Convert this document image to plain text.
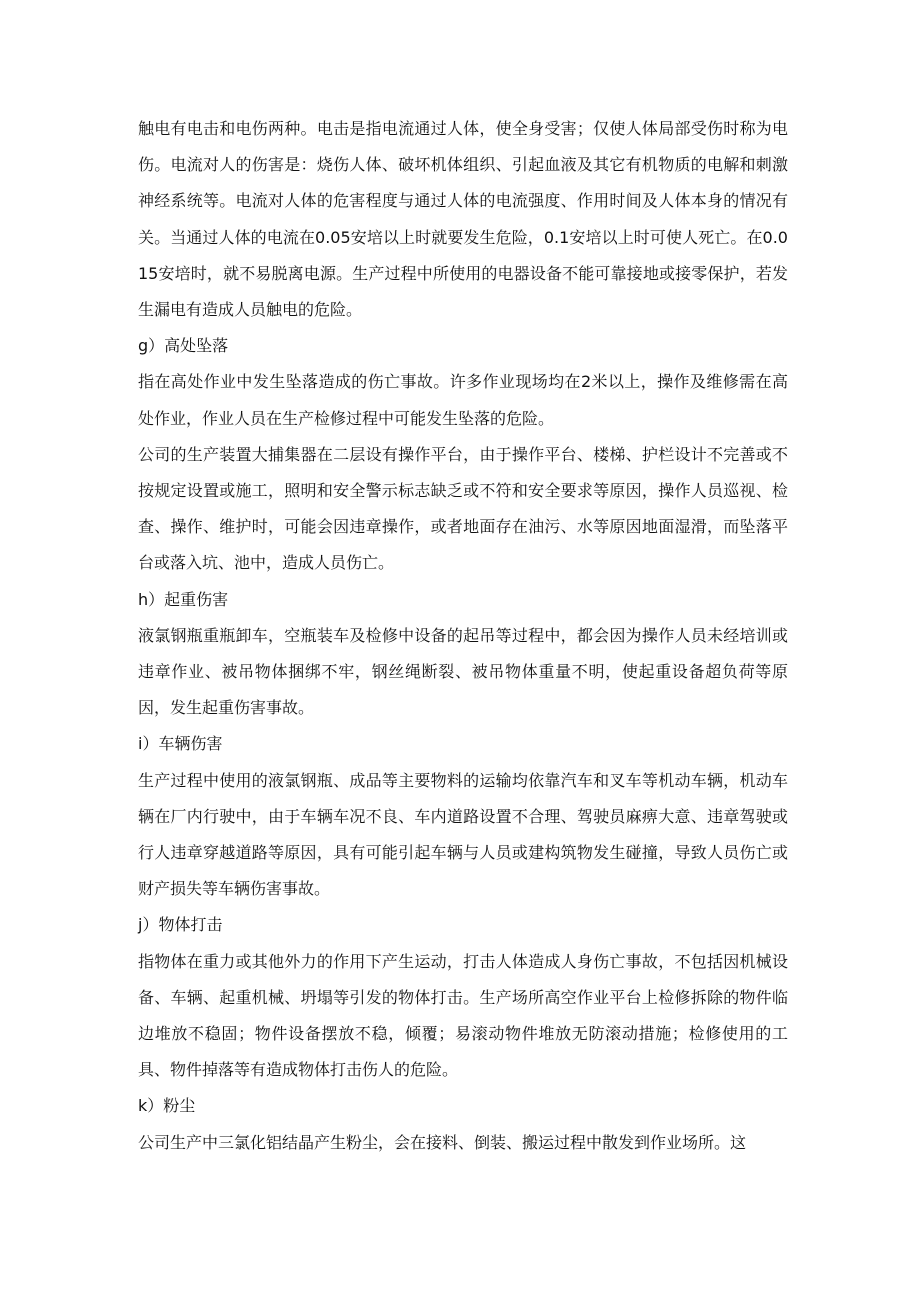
触电有电击和电伤两种。电击是指电流通过人体，使全身受害；仅使人体局部受伤时称为电伤。电流对人的伤害是：烧伤人体、破坏机体组织、引起血液及其它有机物质的电解和刺激神经系统等。电流对人体的危害程度与通过人体的电流强度、作用时间及人体本身的情况有关。当通过人体的电流在0.05安培以上时就要发生危险，0.1安培以上时可使人死亡。在0.015安培时，就不易脱离电源。生产过程中所使用的电器设备不能可靠接地或接零保护，若发生漏电有造成人员触电的危险。

g）高处坠落

指在高处作业中发生坠落造成的伤亡事故。许多作业现场均在2米以上，操作及维修需在高处作业，作业人员在生产检修过程中可能发生坠落的危险。

公司的生产装置大捕集器在二层设有操作平台，由于操作平台、楼梯、护栏设计不完善或不按规定设置或施工，照明和安全警示标志缺乏或不符和安全要求等原因，操作人员巡视、检查、操作、维护时，可能会因违章操作，或者地面存在油污、水等原因地面湿滑，而坠落平台或落入坑、池中，造成人员伤亡。

h）起重伤害

液氯钢瓶重瓶卸车，空瓶装车及检修中设备的起吊等过程中，都会因为操作人员未经培训或违章作业、被吊物体捆绑不牢，钢丝绳断裂、被吊物体重量不明，使起重设备超负荷等原因，发生起重伤害事故。

i）车辆伤害

生产过程中使用的液氯钢瓶、成品等主要物料的运输均依靠汽车和叉车等机动车辆，机动车辆在厂内行驶中，由于车辆车况不良、车内道路设置不合理、驾驶员麻痹大意、违章驾驶或行人违章穿越道路等原因，具有可能引起车辆与人员或建构筑物发生碰撞，导致人员伤亡或财产损失等车辆伤害事故。

j）物体打击

指物体在重力或其他外力的作用下产生运动，打击人体造成人身伤亡事故，不包括因机械设备、车辆、起重机械、坍塌等引发的物体打击。生产场所高空作业平台上检修拆除的物件临边堆放不稳固；物件设备摆放不稳，倾覆；易滚动物件堆放无防滚动措施；检修使用的工具、物件掉落等有造成物体打击伤人的危险。

k）粉尘

公司生产中三氯化铝结晶产生粉尘，会在接料、倒装、搬运过程中散发到作业场所。这
